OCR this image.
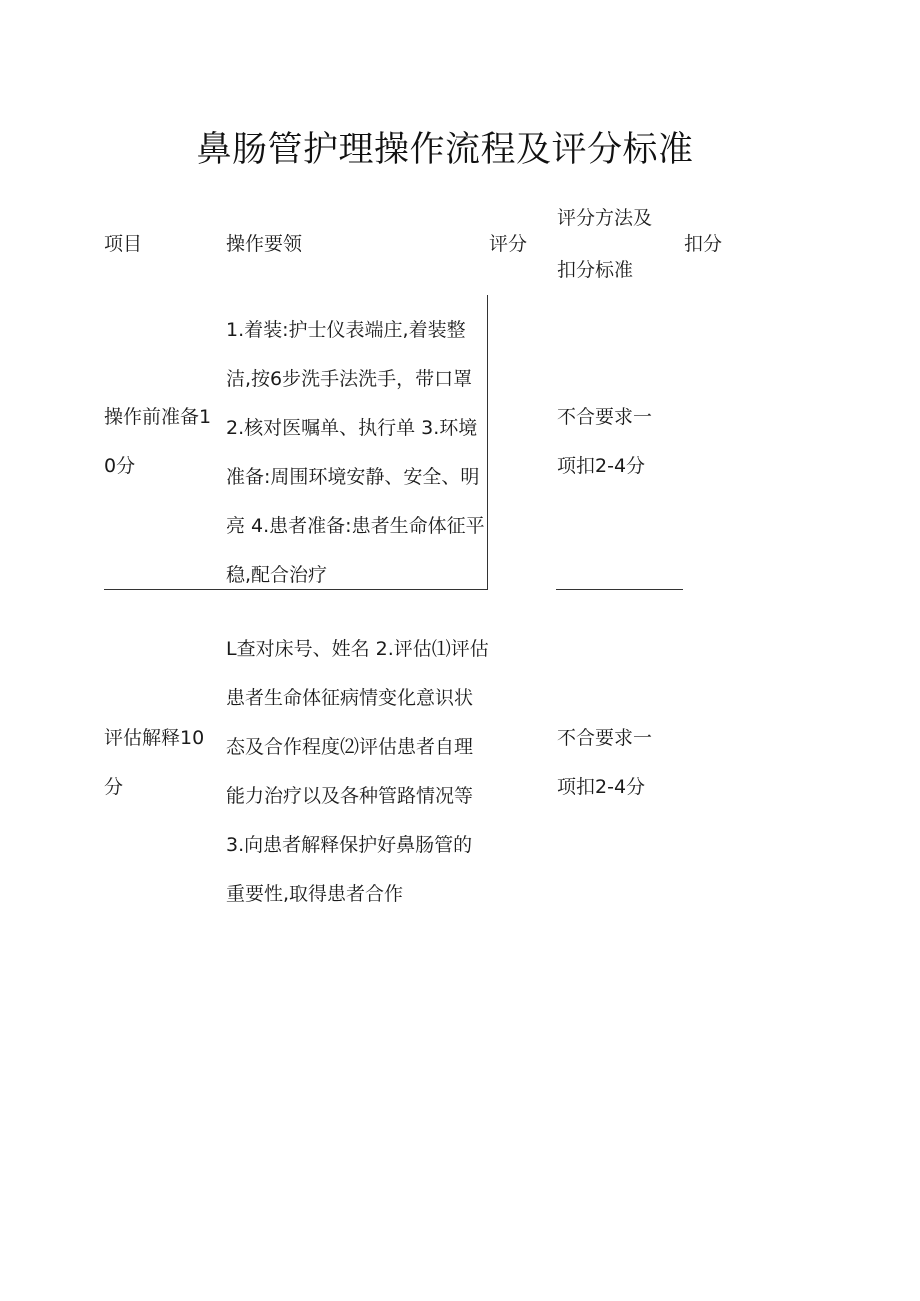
鼻肠管护理操作流程及评分标准
项目	操作要领	评分
评分方法及扣分标准
扣分
操作前准备10分
1.着装:护士仪表端庄,着装整洁,按6步洗手法洗手，带口罩 2.核对医嘱单、执行单 3.环境准备:周围环境安静、安全、明亮 4.患者准备:患者生命体征平稳,配合治疗
不合要求一项扣2-4分
评估解释10分
L查对床号、姓名 2.评估⑴评估患者生命体征病情变化意识状态及合作程度⑵评估患者自理能力治疗以及各种管路情况等 3.向患者解释保护好鼻肠管的重要性,取得患者合作
不合要求一项扣2-4分
